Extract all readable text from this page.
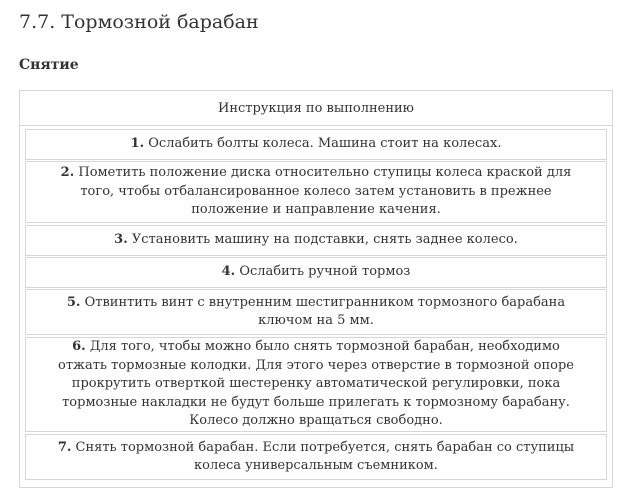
7.7. Тормозной барабан
Снятие
Инструкция по выполнению
1. Ослабить болты колеса. Машина стоит на колесах.
2. Пометить положение диска относительно ступицы колеса краской для того, чтобы отбалансированное колесо затем установить в прежнее положение и направление качения.
3. Установить машину на подставки, снять заднее колесо.
4. Ослабить ручной тормоз
5. Отвинтить винт с внутренним шестигранником тормозного барабана ключом на 5 мм.
6. Для того, чтобы можно было снять тормозной барабан, необходимо отжать тормозные колодки. Для этого через отверстие в тормозной опоре прокрутить отверткой шестеренку автоматической регулировки, пока тормозные накладки не будут больше прилегать к тормозному барабану. Колесо должно вращаться свободно.
7. Снять тормозной барабан. Если потребуется, снять барабан со ступицы колеса универсальным съемником.
